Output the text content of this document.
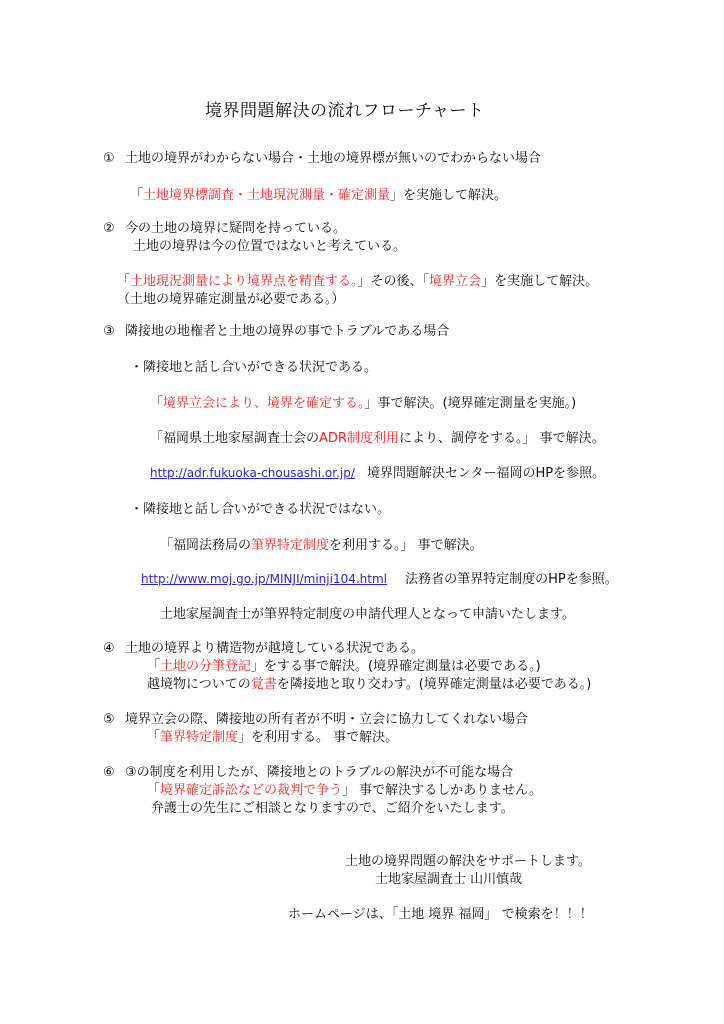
境界問題解決の流れフローチャート
① 土地の境界がわからない場合・土地の境界標が無いのでわからない場合
「土地境界標調査・土地現況測量・確定測量」を実施して解決。
② 今の土地の境界に疑問を持っている。
土地の境界は今の位置ではないと考えている。
「土地現況測量により境界点を精査する。」その後、「境界立会」を実施して解決。
（土地の境界確定測量が必要である。）
③ 隣接地の地権者と土地の境界の事でトラブルである場合
・隣接地と話し合いができる状況である。
「境界立会により、境界を確定する。」事で解決。(境界確定測量を実施。)
「福岡県土地家屋調査士会のADR制度利用により、調停をする。」 事で解決。
http://adr.fukuoka-chousashi.or.jp/ 境界問題解決センター福岡のHPを参照。
・隣接地と話し合いができる状況ではない。
「福岡法務局の筆界特定制度を利用する。」 事で解決。
http://www.moj.go.jp/MINJI/minji104.html 法務省の筆界特定制度のHPを参照。
土地家屋調査士が筆界特定制度の申請代理人となって申請いたします。
④ 土地の境界より構造物が越境している状況である。
「土地の分筆登記」をする事で解決。(境界確定測量は必要である。)
越境物についての覚書を隣接地と取り交わす。(境界確定測量は必要である。)
⑤ 境界立会の際、隣接地の所有者が不明・立会に協力してくれない場合
「筆界特定制度」を利用する。 事で解決。
⑥ ③の制度を利用したが、隣接地とのトラブルの解決が不可能な場合
「境界確定訴訟などの裁判で争う」 事で解決するしかありません。
弁護士の先生にご相談となりますので、ご紹介をいたします。
土地の境界問題の解決をサポートします。
土地家屋調査士 山川慎哉
ホームページは、「土地 境界 福岡」 で検索を！！！
